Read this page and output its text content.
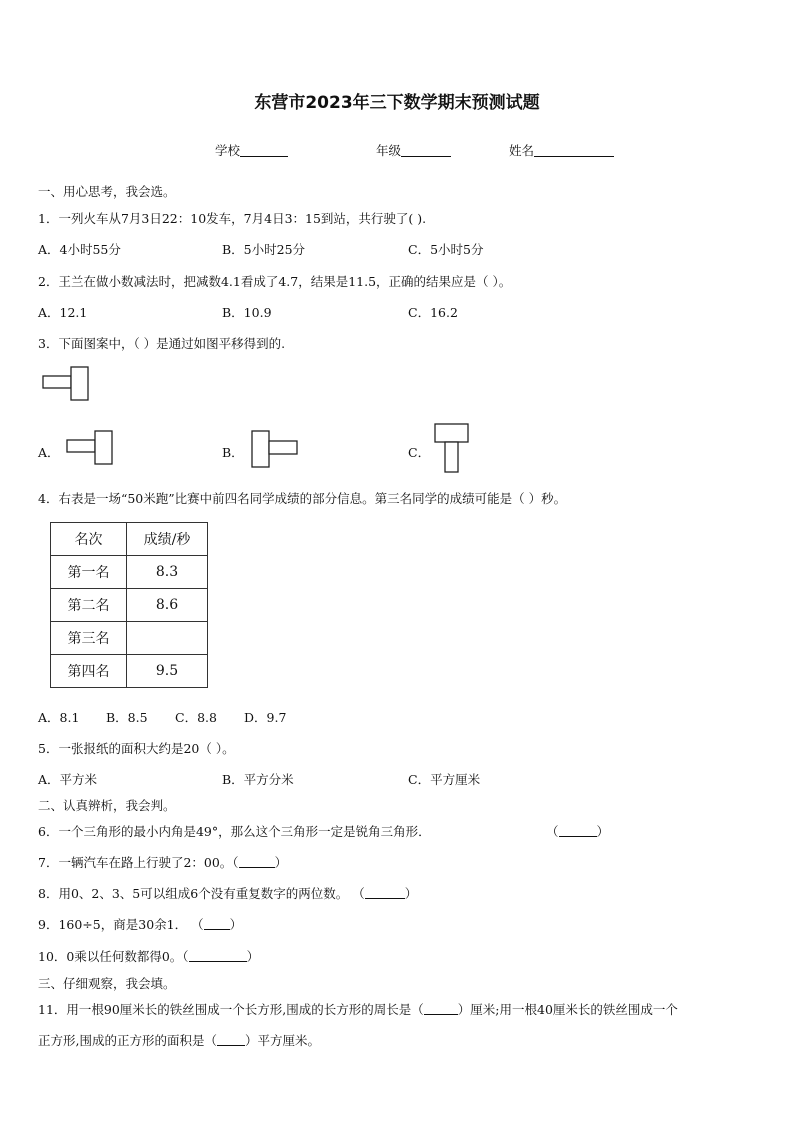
东营市2023年三下数学期末预测试题
学校	年级	姓名
一、用心思考，我会选。
1．一列火车从7月3日22：10发车，7月4日3：15到站，共行驶了( ).
A．4小时55分	B．5小时25分	C．5小时5分
2．王兰在做小数减法时，把减数4.1看成了4.7，结果是11.5，正确的结果应是（ ）。
A．12.1	B．10.9	C．16.2
3．下面图案中，（ ）是通过如图平移得到的.
A．	B．	C．
4．右表是一场“50米跑”比赛中前四名同学成绩的部分信息。第三名同学的成绩可能是（ ）秒。
名次	成绩/秒
第一名	8.3
第二名	8.6
第三名	
第四名	9.5
A．8.1 B．8.5 C．8.8 D．9.7
5．一张报纸的面积大约是20（ ）。
A．平方米	B．平方分米	C．平方厘米
二、认真辨析，我会判。
6．一个三角形的最小内角是49°，那么这个三角形一定是锐角三角形．	（	）
7．一辆汽车在路上行驶了2：00。（	）
8．用0、2、3、5可以组成6个没有重复数字的两位数。 （	）
9．160÷5，商是30余1． （ ）
10．0乘以任何数都得0。（	）
三、仔细观察，我会填。
11．用一根90厘米长的铁丝围成一个长方形,围成的长方形的周长是（	）厘米;用一根40厘米长的铁丝围成一个
正方形,围成的正方形的面积是（ ）平方厘米。
